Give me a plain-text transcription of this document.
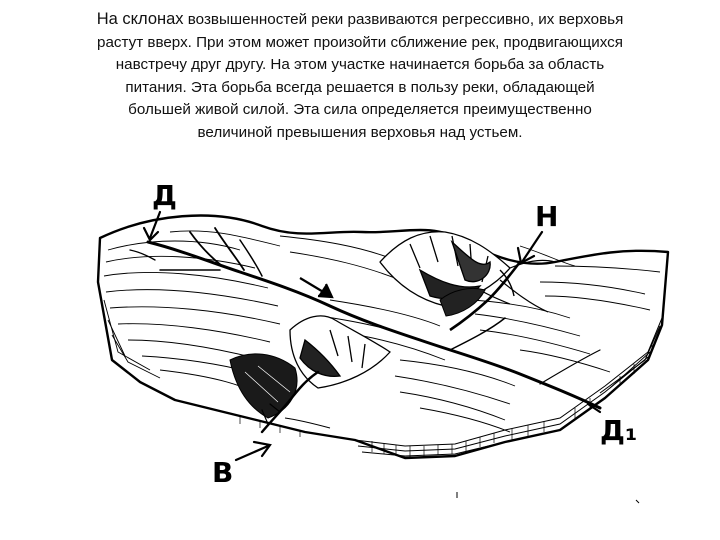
На склонах возвышенностей реки развиваются регрессивно, их верховья
растут вверх. При этом может произойти сближение рек, продвигающихся
навстречу друг другу. На этом участке начинается борьба за область
питания. Эта борьба всегда решается в пользу реки, обладающей
большей живой силой. Эта сила определяется преимущественно
величиной превышения верховья над устьем.
Д
Н
В
Д₁
